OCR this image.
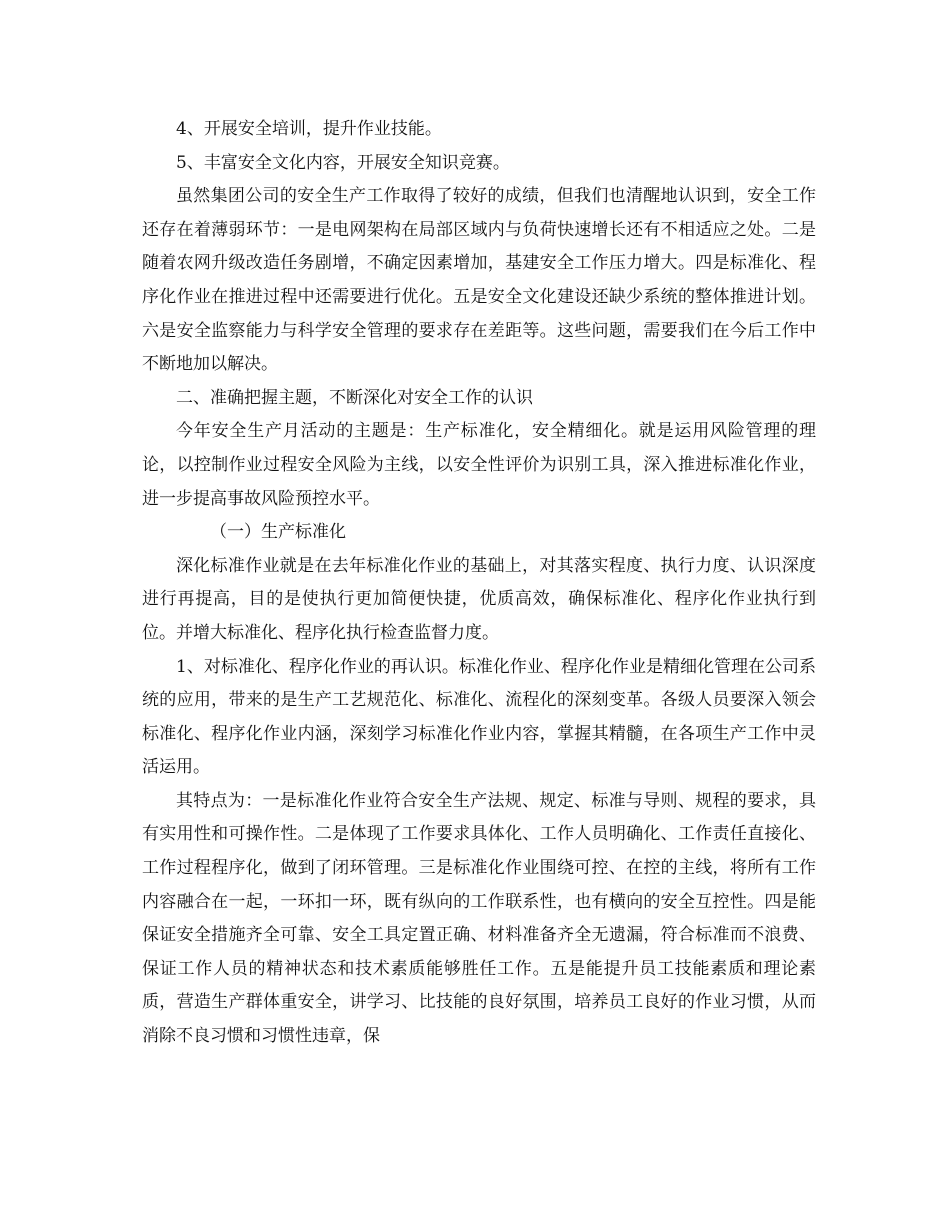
4、开展安全培训，提升作业技能。

5、丰富安全文化内容，开展安全知识竞赛。

虽然集团公司的安全生产工作取得了较好的成绩，但我们也清醒地认识到，安全工作还存在着薄弱环节：一是电网架构在局部区域内与负荷快速增长还有不相适应之处。二是随着农网升级改造任务剧增，不确定因素增加，基建安全工作压力增大。四是标准化、程序化作业在推进过程中还需要进行优化。五是安全文化建设还缺少系统的整体推进计划。六是安全监察能力与科学安全管理的要求存在差距等。这些问题，需要我们在今后工作中不断地加以解决。

二、准确把握主题，不断深化对安全工作的认识

今年安全生产月活动的主题是：生产标准化，安全精细化。就是运用风险管理的理论，以控制作业过程安全风险为主线，以安全性评价为识别工具，深入推进标准化作业，进一步提高事故风险预控水平。

（一）生产标准化

深化标准作业就是在去年标准化作业的基础上，对其落实程度、执行力度、认识深度进行再提高，目的是使执行更加简便快捷，优质高效，确保标准化、程序化作业执行到位。并增大标准化、程序化执行检查监督力度。

1、对标准化、程序化作业的再认识。标准化作业、程序化作业是精细化管理在公司系统的应用，带来的是生产工艺规范化、标准化、流程化的深刻变革。各级人员要深入领会标准化、程序化作业内涵，深刻学习标准化作业内容，掌握其精髓，在各项生产工作中灵活运用。

其特点为：一是标准化作业符合安全生产法规、规定、标准与导则、规程的要求，具有实用性和可操作性。二是体现了工作要求具体化、工作人员明确化、工作责任直接化、工作过程程序化，做到了闭环管理。三是标准化作业围绕可控、在控的主线，将所有工作内容融合在一起，一环扣一环，既有纵向的工作联系性，也有横向的安全互控性。四是能保证安全措施齐全可靠、安全工具定置正确、材料准备齐全无遗漏，符合标准而不浪费、保证工作人员的精神状态和技术素质能够胜任工作。五是能提升员工技能素质和理论素质，营造生产群体重安全，讲学习、比技能的良好氛围，培养员工良好的作业习惯，从而消除不良习惯和习惯性违章，保
